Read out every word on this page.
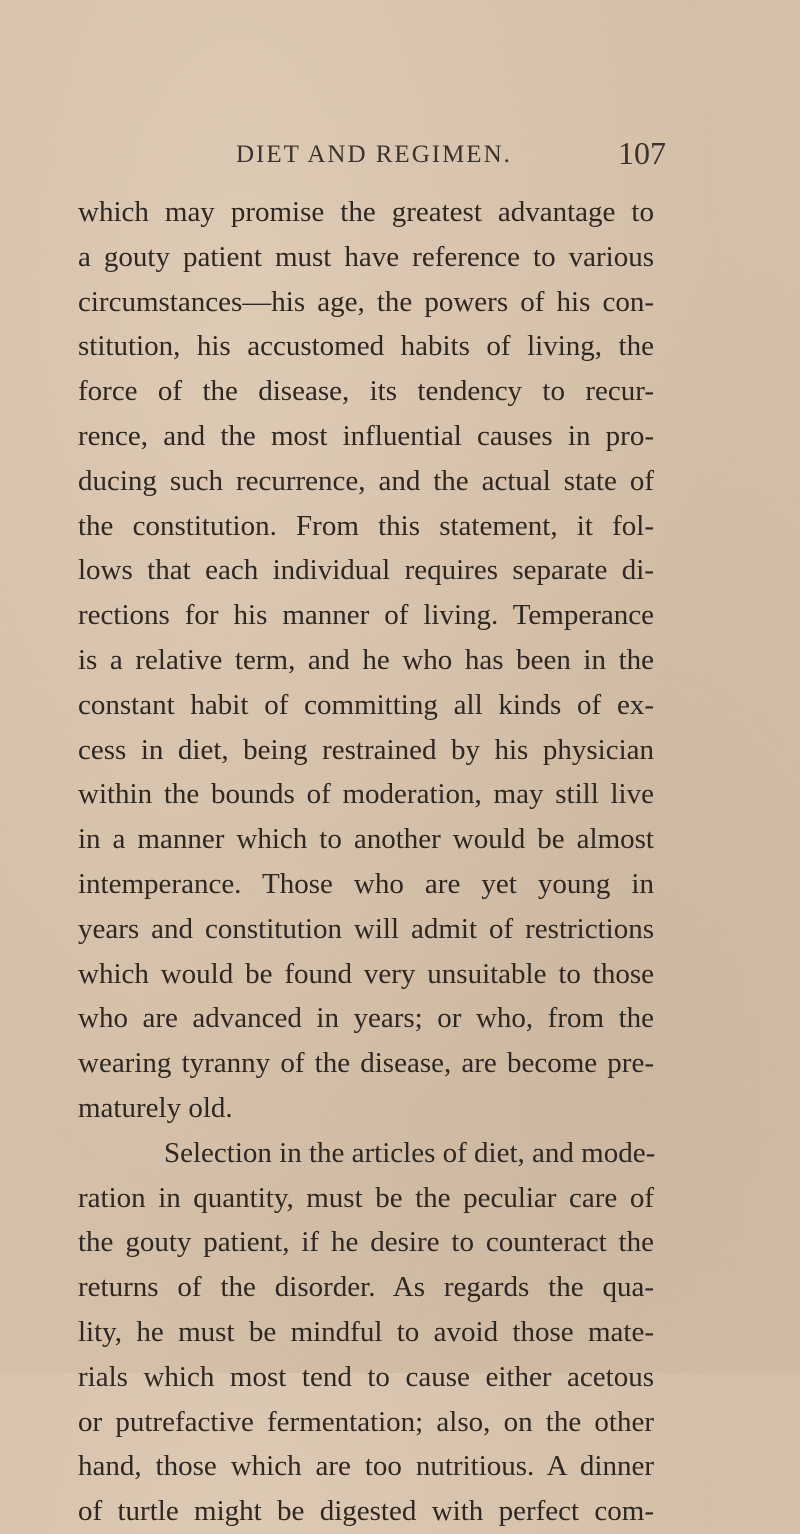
DIET AND REGIMEN.	107
which may promise the greatest advantage to
a gouty patient must have reference to various
circumstances—his age, the powers of his con-
stitution, his accustomed habits of living, the
force of the disease, its tendency to recur-
rence, and the most influential causes in pro-
ducing such recurrence, and the actual state of
the constitution. From this statement, it fol-
lows that each individual requires separate di-
rections for his manner of living. Temperance
is a relative term, and he who has been in the
constant habit of committing all kinds of ex-
cess in diet, being restrained by his physician
within the bounds of moderation, may still live
in a manner which to another would be almost
intemperance. Those who are yet young in
years and constitution will admit of restrictions
which would be found very unsuitable to those
who are advanced in years; or who, from the
wearing tyranny of the disease, are become pre-
maturely old.
Selection in the articles of diet, and mode-
ration in quantity, must be the peculiar care of
the gouty patient, if he desire to counteract the
returns of the disorder. As regards the qua-
lity, he must be mindful to avoid those mate-
rials which most tend to cause either acetous
or putrefactive fermentation; also, on the other
hand, those which are too nutritious. A dinner
of turtle might be digested with perfect com-
